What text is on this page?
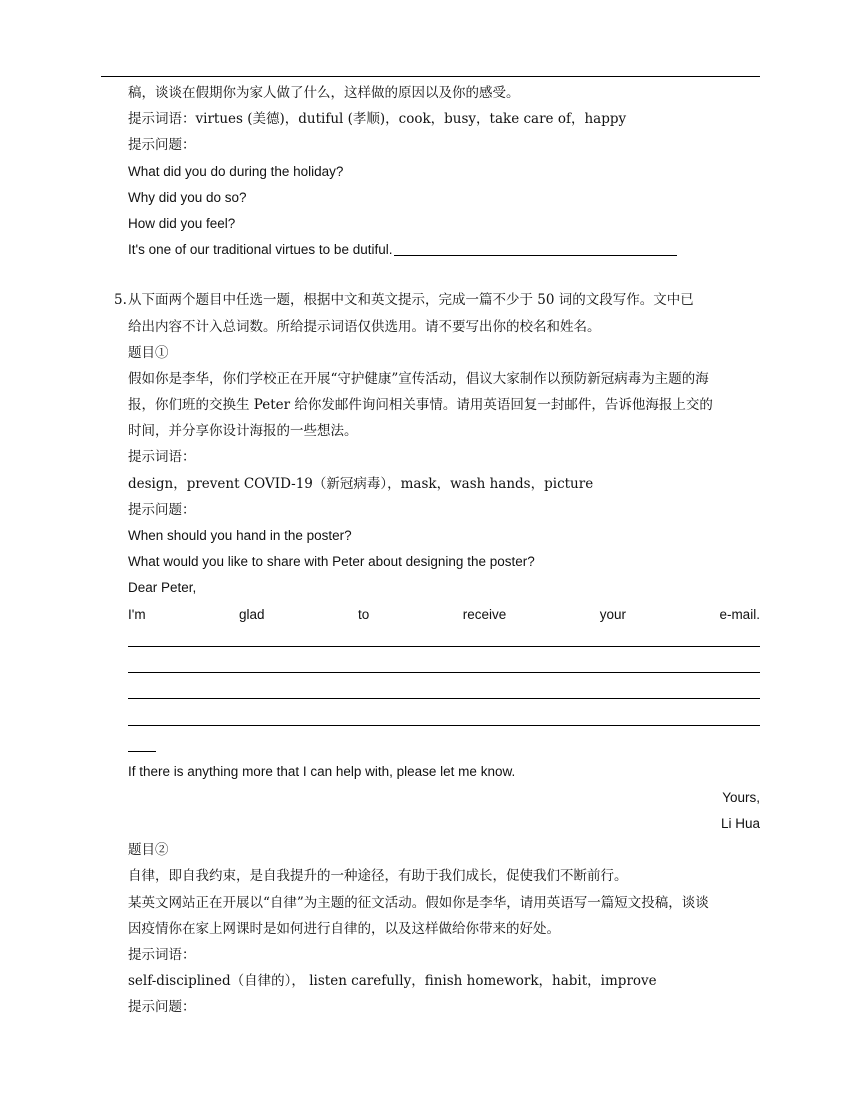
稿，谈谈在假期你为家人做了什么，这样做的原因以及你的感受。
提示词语：virtues (美德)，dutiful (孝顺)，cook，busy，take care of，happy
提示问题：
What did you do during the holiday?
Why did you do so?
How did you feel?
It's one of our traditional virtues to be dutiful.
5. 从下面两个题目中任选一题，根据中文和英文提示，完成一篇不少于 50 词的文段写作。文中已
给出内容不计入总词数。所给提示词语仅供选用。请不要写出你的校名和姓名。
题目①
假如你是李华，你们学校正在开展“守护健康”宣传活动，倡议大家制作以预防新冠病毒为主题的海
报，你们班的交换生 Peter 给你发邮件询问相关事情。请用英语回复一封邮件，告诉他海报上交的
时间，并分享你设计海报的一些想法。
提示词语：
design，prevent COVID-19（新冠病毒），mask，wash hands，picture
提示问题：
When should you hand in the poster?
What would you like to share with Peter about designing the poster?
Dear Peter,
I'm	glad	to	receive	your	e-mail.
If there is anything more that I can help with, please let me know.
Yours,
Li Hua
题目②
自律，即自我约束，是自我提升的一种途径，有助于我们成长，促使我们不断前行。
某英文网站正在开展以“自律”为主题的征文活动。假如你是李华，请用英语写一篇短文投稿，谈谈
因疫情你在家上网课时是如何进行自律的，以及这样做给你带来的好处。
提示词语：
self-disciplined（自律的）， listen carefully，finish homework，habit，improve
提示问题：
